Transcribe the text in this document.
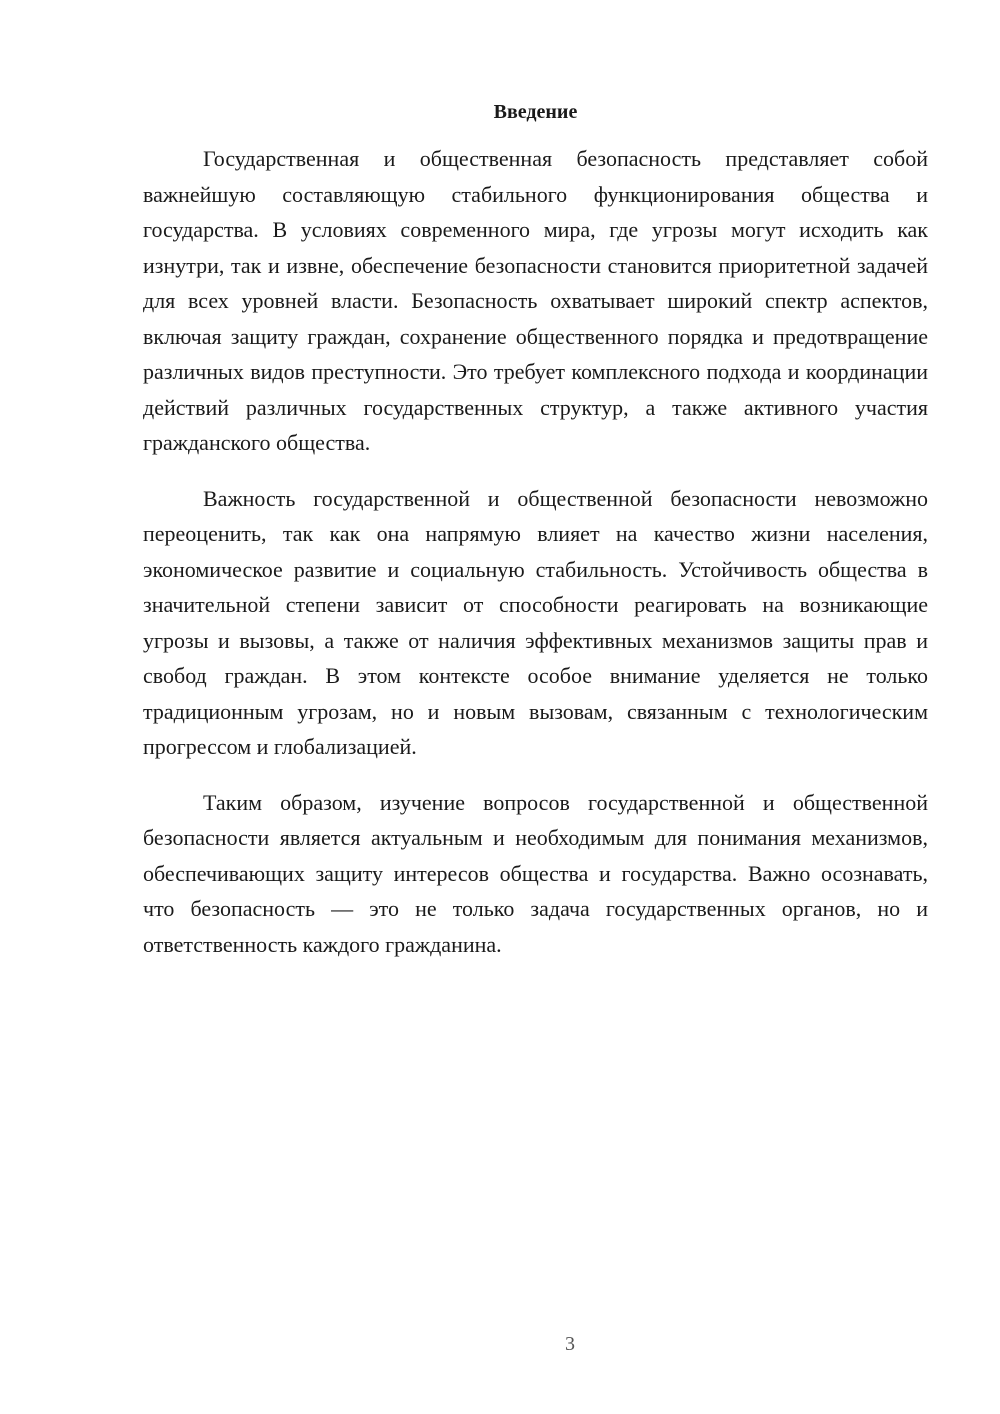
Введение

Государственная и общественная безопасность представляет собой важнейшую составляющую стабильного функционирования общества и государства. В условиях современного мира, где угрозы могут исходить как изнутри, так и извне, обеспечение безопасности становится приоритетной задачей для всех уровней власти. Безопасность охватывает широкий спектр аспектов, включая защиту граждан, сохранение общественного порядка и предотвращение различных видов преступности. Это требует комплексного подхода и координации действий различных государственных структур, а также активного участия гражданского общества.

Важность государственной и общественной безопасности невозможно переоценить, так как она напрямую влияет на качество жизни населения, экономическое развитие и социальную стабильность. Устойчивость общества в значительной степени зависит от способности реагировать на возникающие угрозы и вызовы, а также от наличия эффективных механизмов защиты прав и свобод граждан. В этом контексте особое внимание уделяется не только традиционным угрозам, но и новым вызовам, связанным с технологическим прогрессом и глобализацией.

Таким образом, изучение вопросов государственной и общественной безопасности является актуальным и необходимым для понимания механизмов, обеспечивающих защиту интересов общества и государства. Важно осознавать, что безопасность — это не только задача государственных органов, но и ответственность каждого гражданина.

3
